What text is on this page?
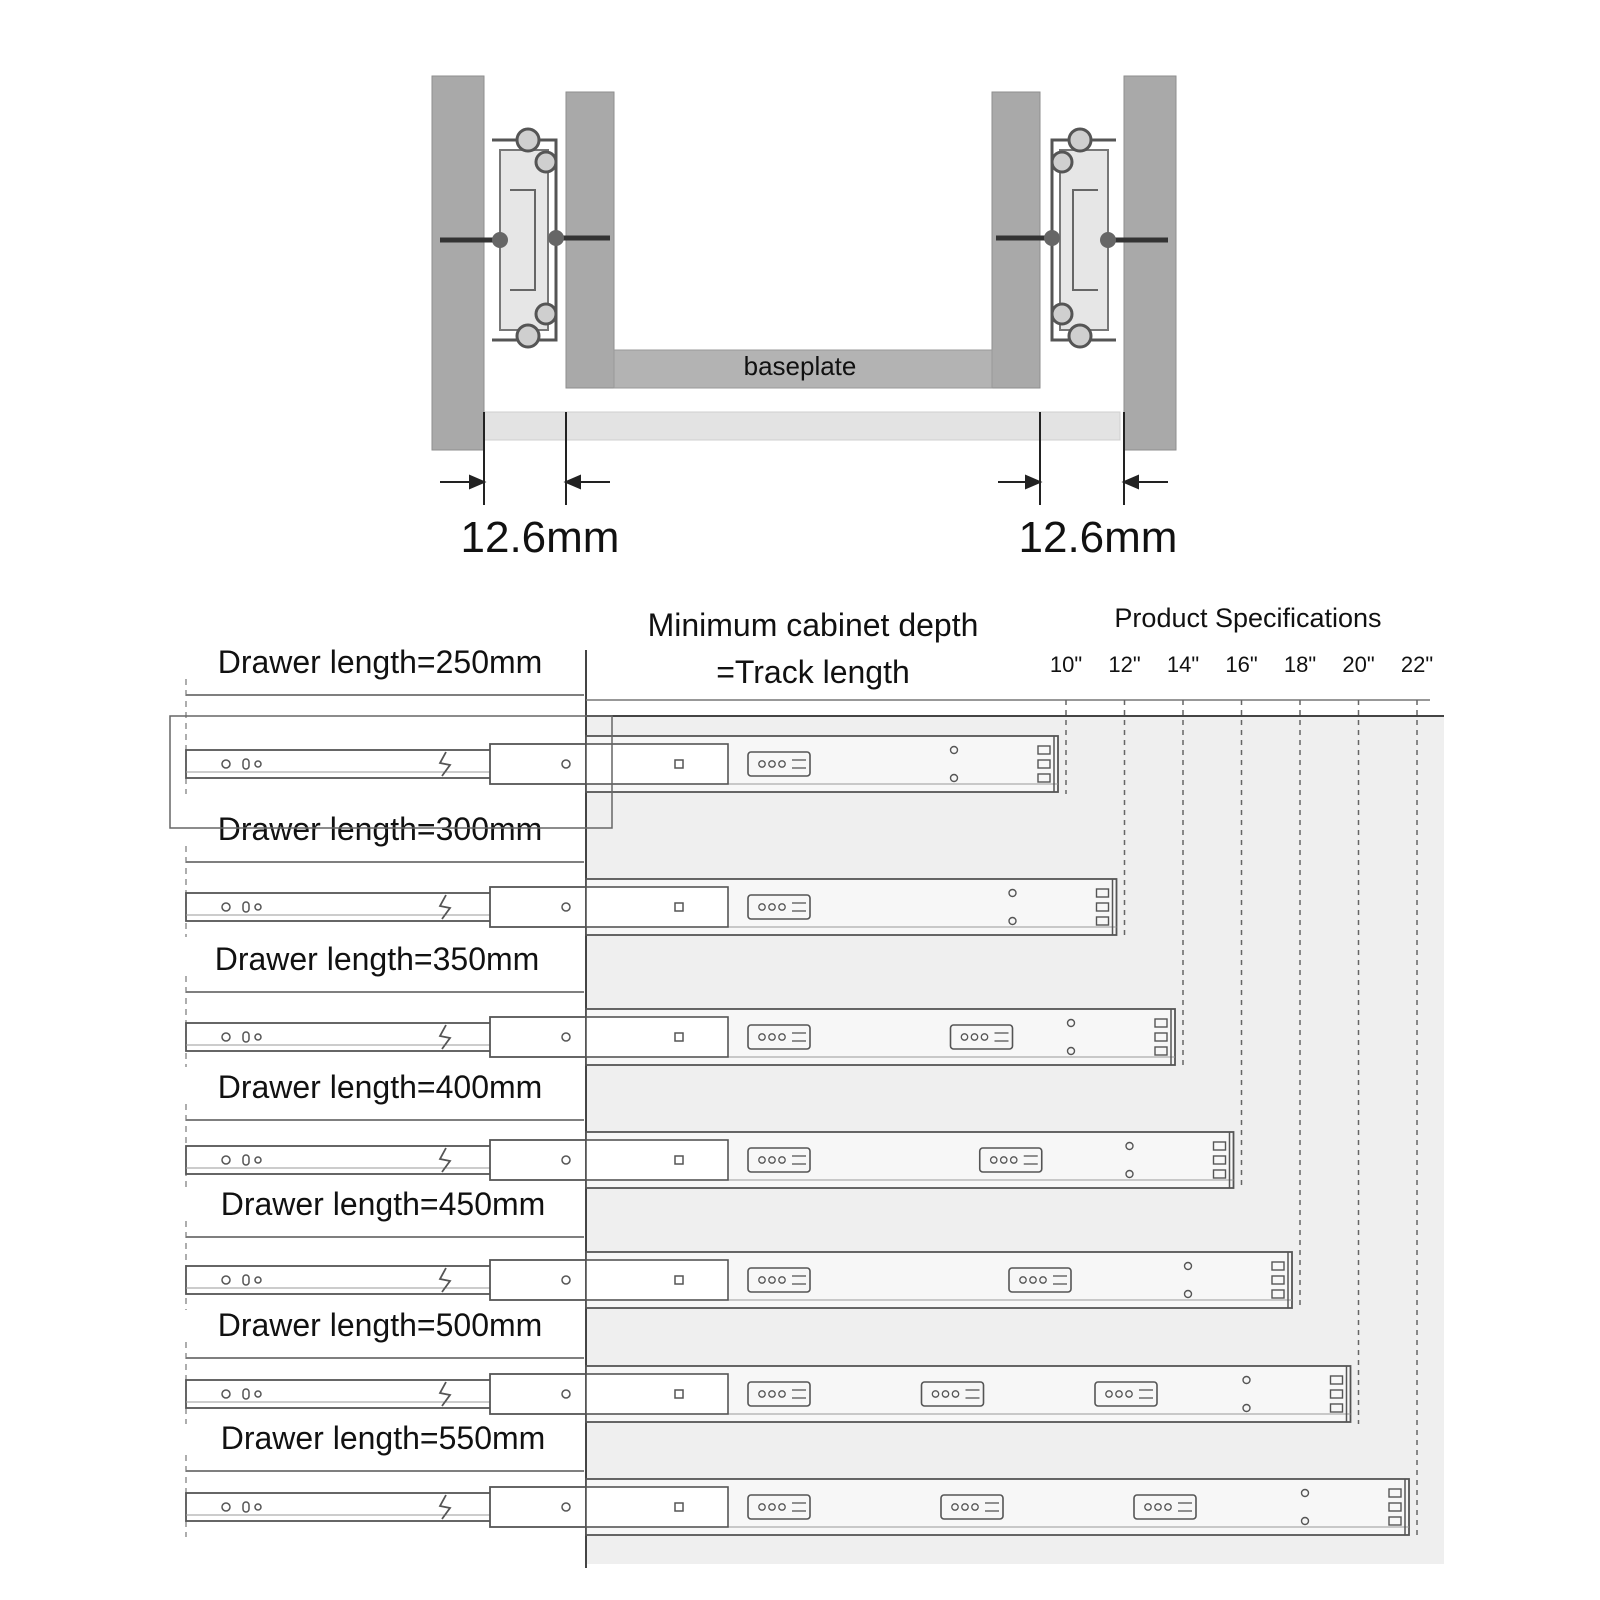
baseplate
12.6mm	12.6mm
Minimum cabinet depth
=Track length
Product Specifications
10" 12" 14" 16" 18" 20" 22"
Drawer length=250mm
Drawer length=300mm
Drawer length=350mm
Drawer length=400mm
Drawer length=450mm
Drawer length=500mm
Drawer length=550mm
